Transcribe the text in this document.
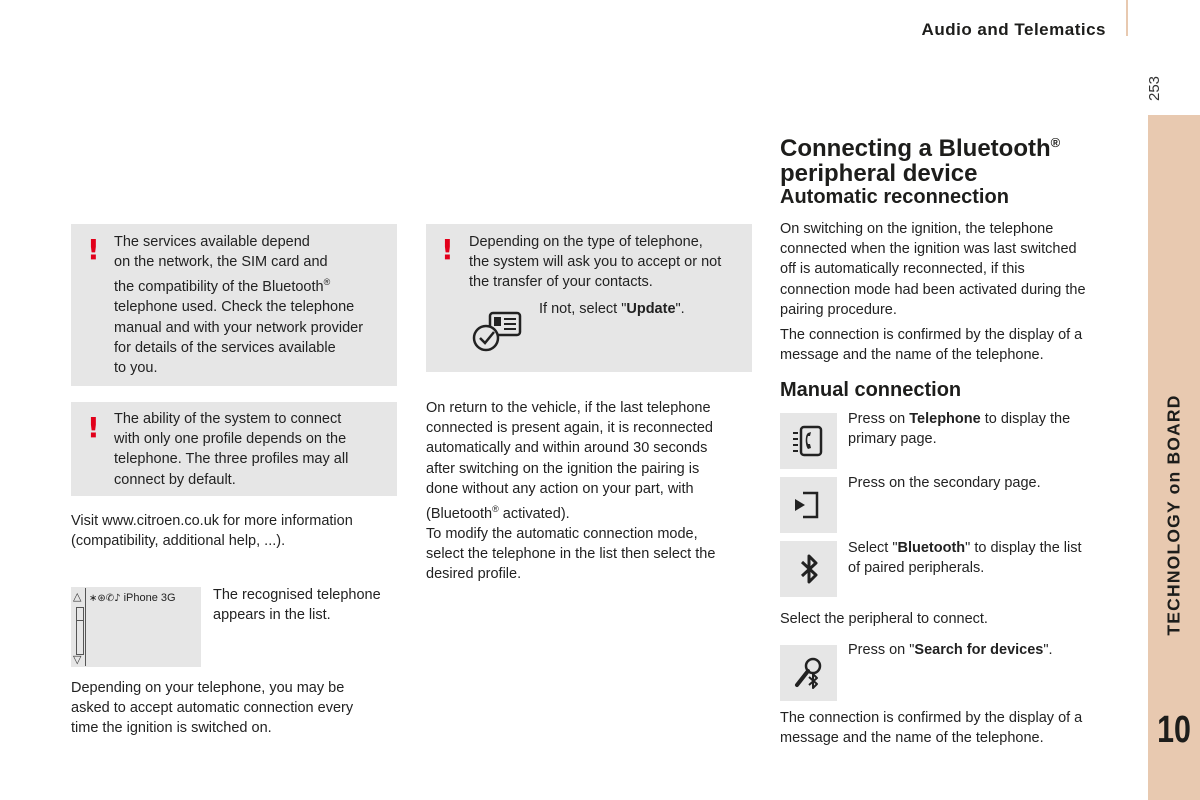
Audio and Telematics
253
TECHNOLOGY on BOARD
10
! The services available depend
on the network, the SIM card and
the compatibility of the Bluetooth®
telephone used. Check the telephone
manual and with your network provider
for details of the services available
to you.
! The ability of the system to connect
with only one profile depends on the
telephone. The three profiles may all
connect by default.
Visit www.citroen.co.uk for more information
(compatibility, additional help, ...).
△
▽
∗⊛✆♪ iPhone 3G	The recognised telephone
appears in the list.
Depending on your telephone, you may be
asked to accept automatic connection every
time the ignition is switched on.
! Depending on the type of telephone,
the system will ask you to accept or not
the transfer of your contacts.
If not, select "Update".
On return to the vehicle, if the last telephone
connected is present again, it is reconnected
automatically and within around 30 seconds
after switching on the ignition the pairing is
done without any action on your part, with
(Bluetooth® activated).
To modify the automatic connection mode,
select the telephone in the list then select the
desired profile.
Connecting a Bluetooth®
peripheral device
Automatic reconnection
On switching on the ignition, the telephone
connected when the ignition was last switched
off is automatically reconnected, if this
connection mode had been activated during the
pairing procedure.
The connection is confirmed by the display of a
message and the name of the telephone.
Manual connection
Press on Telephone to display the
primary page.
Press on the secondary page.
Select "Bluetooth" to display the list
of paired peripherals.
Select the peripheral to connect.
Press on "Search for devices".
The connection is confirmed by the display of a
message and the name of the telephone.
